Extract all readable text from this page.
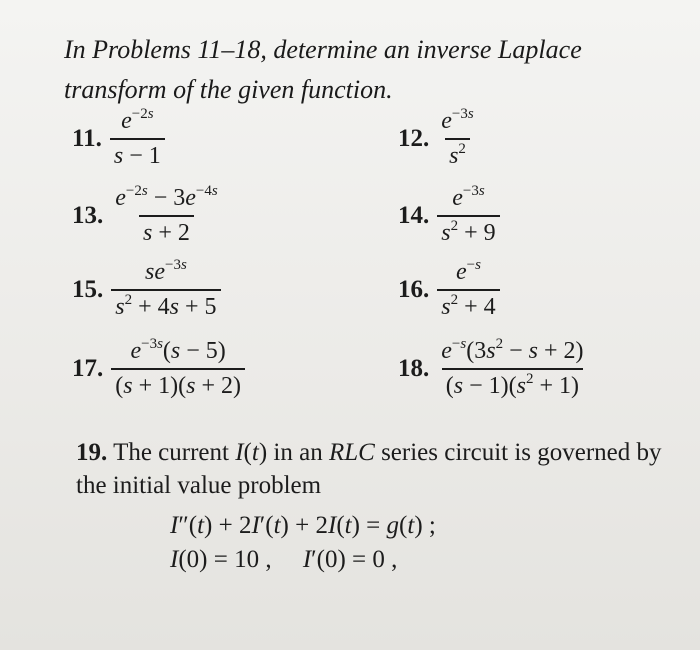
In Problems 11–18, determine an inverse Laplace transform of the given function.
11. $\frac{e^{-2s}}{s - 1}$	12. $\frac{e^{-3s}}{s^2}$
13. $\frac{e^{-2s} - 3e^{-4s}}{s + 2}$	14. $\frac{e^{-3s}}{s^2 + 9}$
15. $\frac{se^{-3s}}{s^2 + 4s + 5}$	16. $\frac{e^{-s}}{s^2 + 4}$
17. $\frac{e^{-3s}(s - 5)}{(s + 1)(s + 2)}$	18. $\frac{e^{-s}(3s^2 - s + 2)}{(s - 1)(s^2 + 1)}$
19. The current I(t) in an RLC series circuit is governed by the initial value problem
I″(t) + 2I′(t) + 2I(t) = g(t) ;
I(0) = 10 ,     I′(0) = 0 ,
